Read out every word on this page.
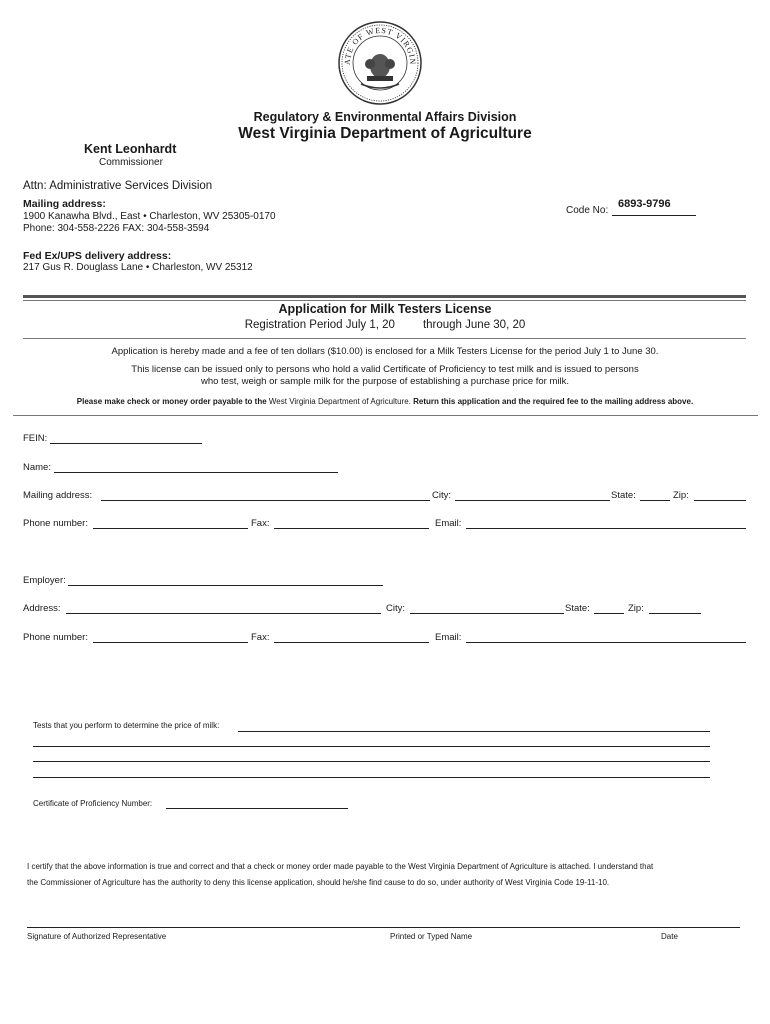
ATE OF WEST VIRGIN
Regulatory & Environmental Affairs Division
West Virginia Department of Agriculture
Kent Leonhardt
Commissioner
Attn: Administrative Services Division
Mailing address:
1900 Kanawha Blvd., East • Charleston, WV 25305-0170
Phone: 304-558-2226 FAX: 304-558-3594
Code No:
6893-9796
Fed Ex/UPS delivery address:
217 Gus R. Douglass Lane • Charleston, WV 25312
Application for Milk Testers License
Registration Period July 1, 20 through June 30, 20
Application is hereby made and a fee of ten dollars ($10.00) is enclosed for a Milk Testers License for the period July 1 to June 30.
This license can be issued only to persons who hold a valid Certificate of Proficiency to test milk and is issued to persons
who test, weigh or sample milk for the purpose of establishing a purchase price for milk.
Please make check or money order payable to the West Virginia Department of Agriculture. Return this application and the required fee to the mailing address above.
FEIN:
Name:
Mailing address:	City:	State:	Zip:
Phone number:	Fax:	Email:
Employer:
Address:	City:	State:	Zip:
Phone number:	Fax:	Email:
Tests that you perform to determine the price of milk:
Certificate of Proficiency Number:
I certify that the above information is true and correct and that a check or money order made payable to the West Virginia Department of Agriculture is attached. I understand that
the Commissioner of Agriculture has the authority to deny this license application, should he/she find cause to do so, under authority of West Virginia Code 19-11-10.
Signature of Authorized Representative	Printed or Typed Name	Date
